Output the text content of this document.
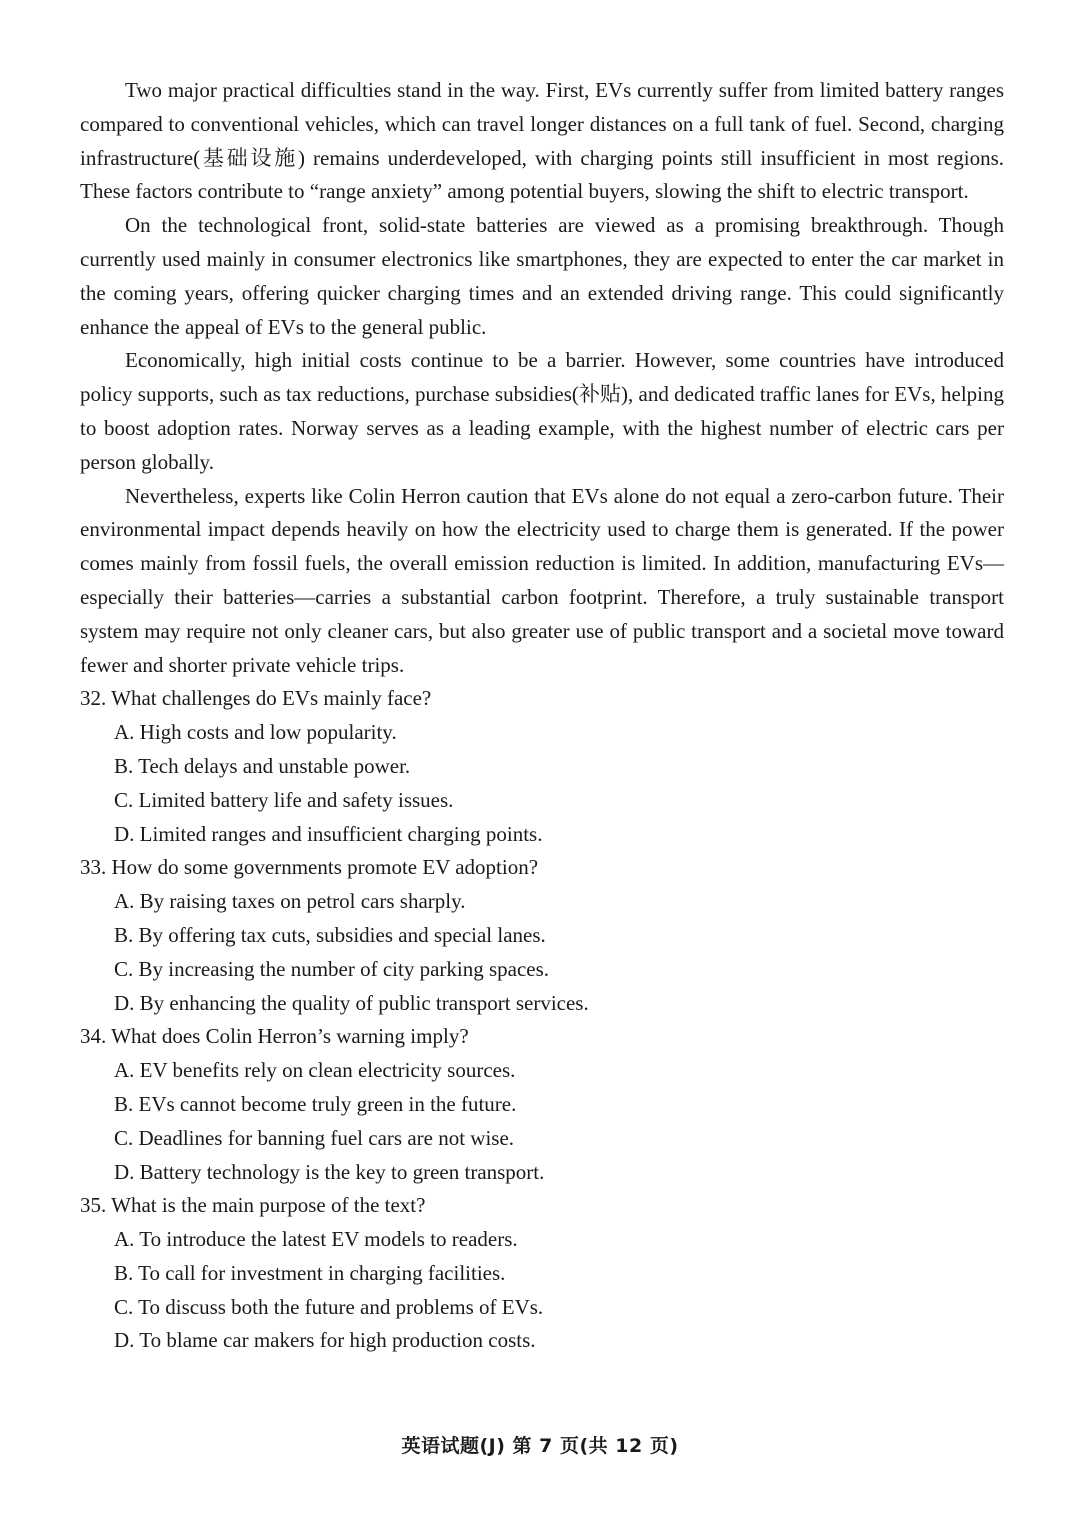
Two major practical difficulties stand in the way. First, EVs currently suffer from limited battery ranges compared to conventional vehicles, which can travel longer distances on a full tank of fuel. Second, charging infrastructure(基础设施) remains underdeveloped, with charging points still insufficient in most regions. These factors contribute to “range anxiety” among potential buyers, slowing the shift to electric transport.

On the technological front, solid-state batteries are viewed as a promising breakthrough. Though currently used mainly in consumer electronics like smartphones, they are expected to enter the car market in the coming years, offering quicker charging times and an extended driving range. This could significantly enhance the appeal of EVs to the general public.

Economically, high initial costs continue to be a barrier. However, some countries have introduced policy supports, such as tax reductions, purchase subsidies(补贴), and dedicated traffic lanes for EVs, helping to boost adoption rates. Norway serves as a leading example, with the highest number of electric cars per person globally.

Nevertheless, experts like Colin Herron caution that EVs alone do not equal a zero-carbon future. Their environmental impact depends heavily on how the electricity used to charge them is generated. If the power comes mainly from fossil fuels, the overall emission reduction is limited. In addition, manufacturing EVs—especially their batteries—carries a substantial carbon footprint. Therefore, a truly sustainable transport system may require not only cleaner cars, but also greater use of public transport and a societal move toward fewer and shorter private vehicle trips.

32. What challenges do EVs mainly face?

A. High costs and low popularity.

B. Tech delays and unstable power.

C. Limited battery life and safety issues.

D. Limited ranges and insufficient charging points.

33. How do some governments promote EV adoption?

A. By raising taxes on petrol cars sharply.

B. By offering tax cuts, subsidies and special lanes.

C. By increasing the number of city parking spaces.

D. By enhancing the quality of public transport services.

34. What does Colin Herron’s warning imply?

A. EV benefits rely on clean electricity sources.

B. EVs cannot become truly green in the future.

C. Deadlines for banning fuel cars are not wise.

D. Battery technology is the key to green transport.

35. What is the main purpose of the text?

A. To introduce the latest EV models to readers.

B. To call for investment in charging facilities.

C. To discuss both the future and problems of EVs.

D. To blame car makers for high production costs.

英语试题(J) 第 7 页(共 12 页)
